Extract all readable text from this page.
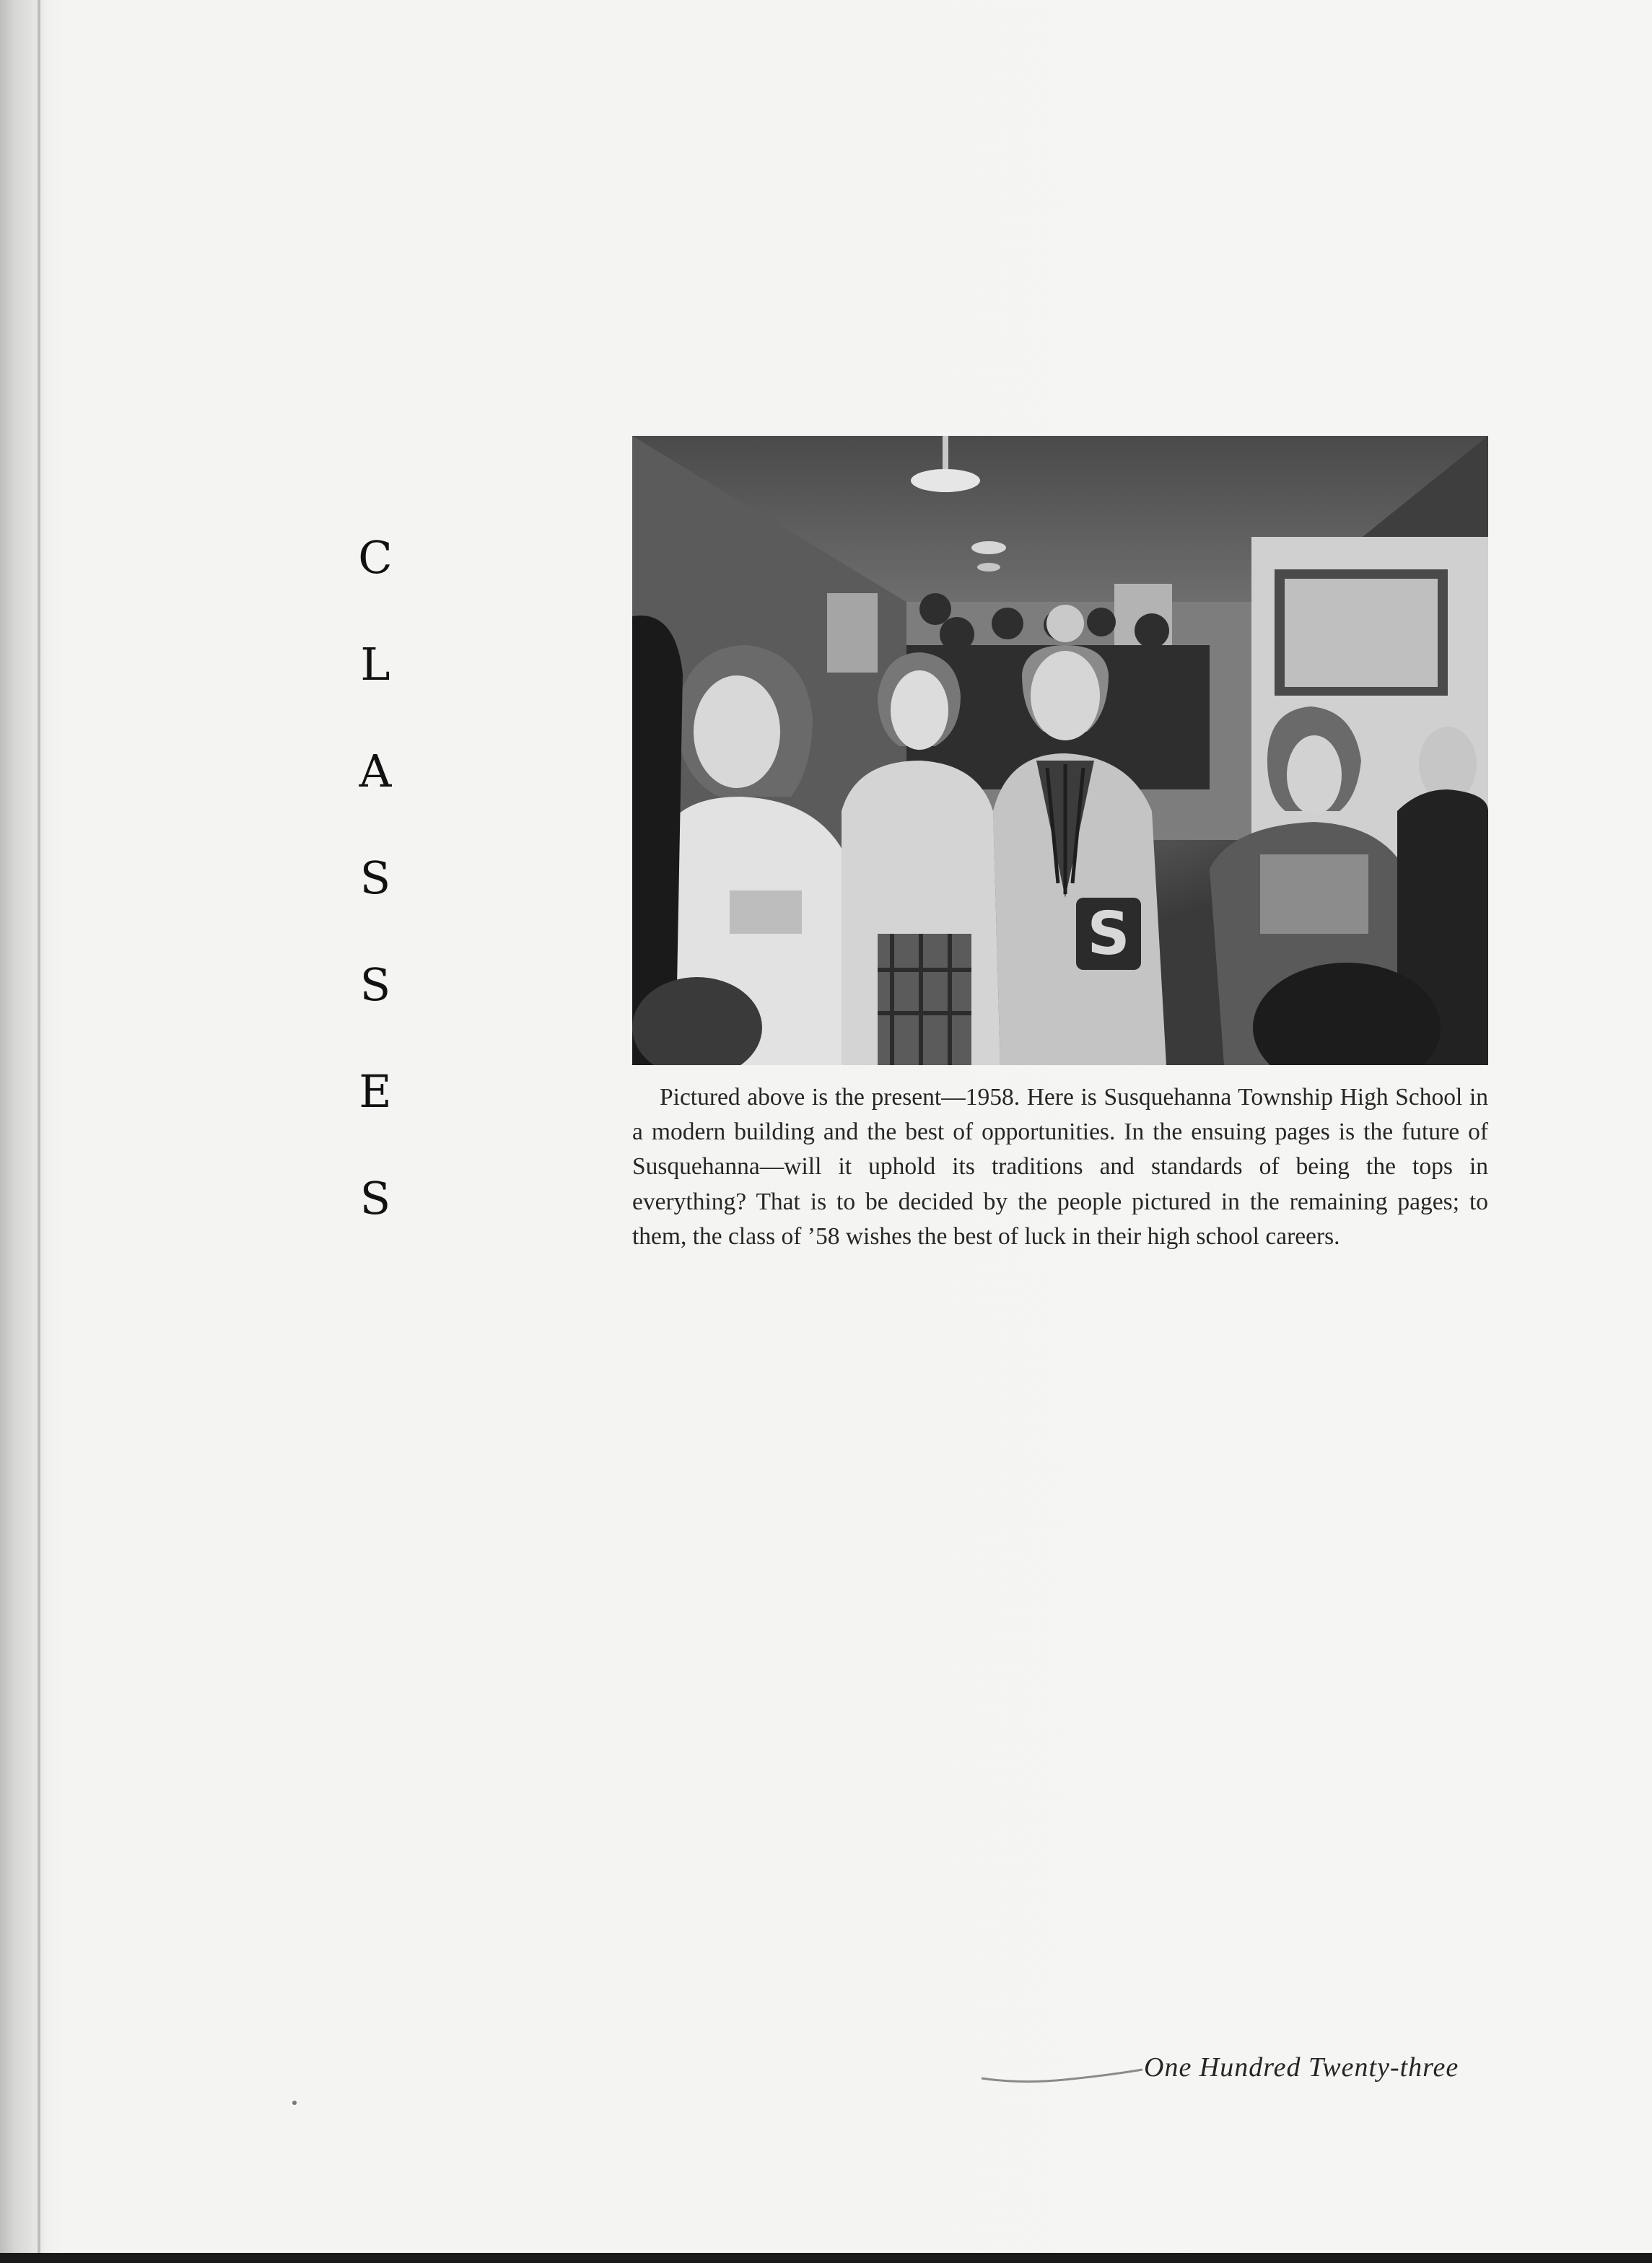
C
L
A
S
S
E
S
S

Pictured above is the present—1958. Here is Susquehanna Township High School in a modern building and the best of opportunities. In the ensuing pages is the future of Susquehanna—will it uphold its traditions and standards of being the tops in everything? That is to be decided by the people pictured in the remaining pages; to them, the class of ’58 wishes the best of luck in their high school careers.

One Hundred Twenty-three
